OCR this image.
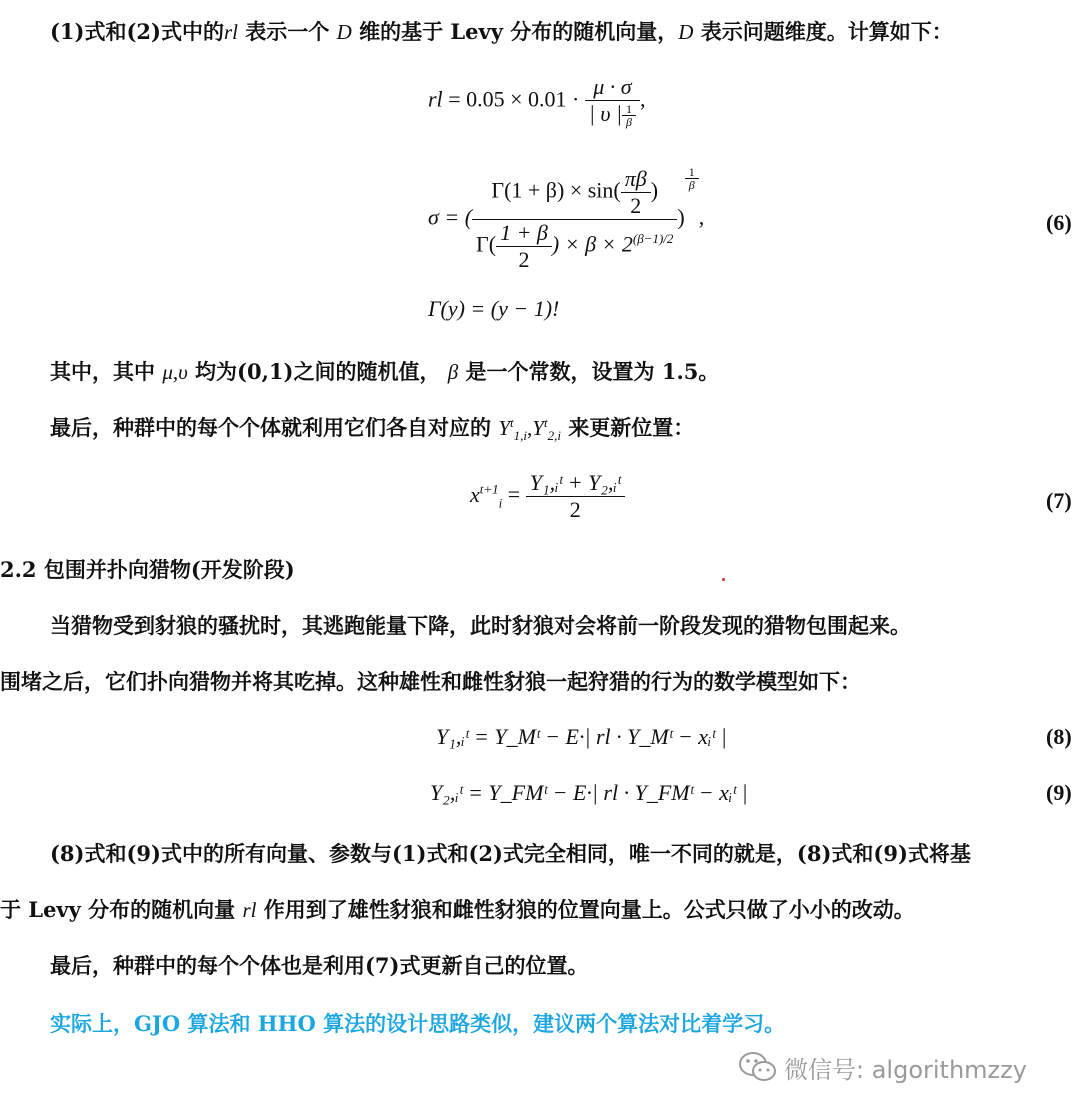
(1)式和(2)式中的rl 表示一个 D 维的基于 Levy 分布的随机向量，D 表示问题维度。计算如下：
rl = $0.05 \times 0.01 \cdot \frac{\mu \cdot \sigma}{| \upsilon | \frac{1}{\beta}}$ ,
σ = ( $\frac{\Gamma(1 + \beta) \times \sin( \frac{\pi\beta}{2} )}{\Gamma( \frac{1 + \beta}{2} ) \times \beta \times 2^{(\beta-1)/2}}$ )
$^{\frac{1}{\beta}}$
,
Γ(y) = (y − 1)!
(6)
其中，其中 μ,υ 均为(0,1)之间的随机值， β 是一个常数，设置为 1.5。
最后，种群中的每个个体就利用它们各自对应的 $Y^t_{1,i},Y^t_{2,i}$ 来更新位置：
$x^{t+1}_i = \frac{\text{Y₁,ᵢᵗ + Y₂,ᵢᵗ}}{2}$	(7)
2.2 包围并扑向猎物(开发阶段)
当猎物受到豺狼的骚扰时，其逃跑能量下降，此时豺狼对会将前一阶段发现的猎物包围起来。
围堵之后，它们扑向猎物并将其吃掉。这种雄性和雌性豺狼一起狩猎的行为的数学模型如下：
Y₁,ᵢᵗ = Y_Mᵗ − E·| rl · Y_Mᵗ − xᵢᵗ |	(8)
Y₂,ᵢᵗ = Y_FMᵗ − E·| rl · Y_FMᵗ − xᵢᵗ |	(9)
(8)式和(9)式中的所有向量、参数与(1)式和(2)式完全相同，唯一不同的就是，(8)式和(9)式将基
于 Levy 分布的随机向量 rl 作用到了雄性豺狼和雌性豺狼的位置向量上。公式只做了小小的改动。
最后，种群中的每个个体也是利用(7)式更新自己的位置。
实际上，GJO 算法和 HHO 算法的设计思路类似，建议两个算法对比着学习。
微信号: algorithmzzy
